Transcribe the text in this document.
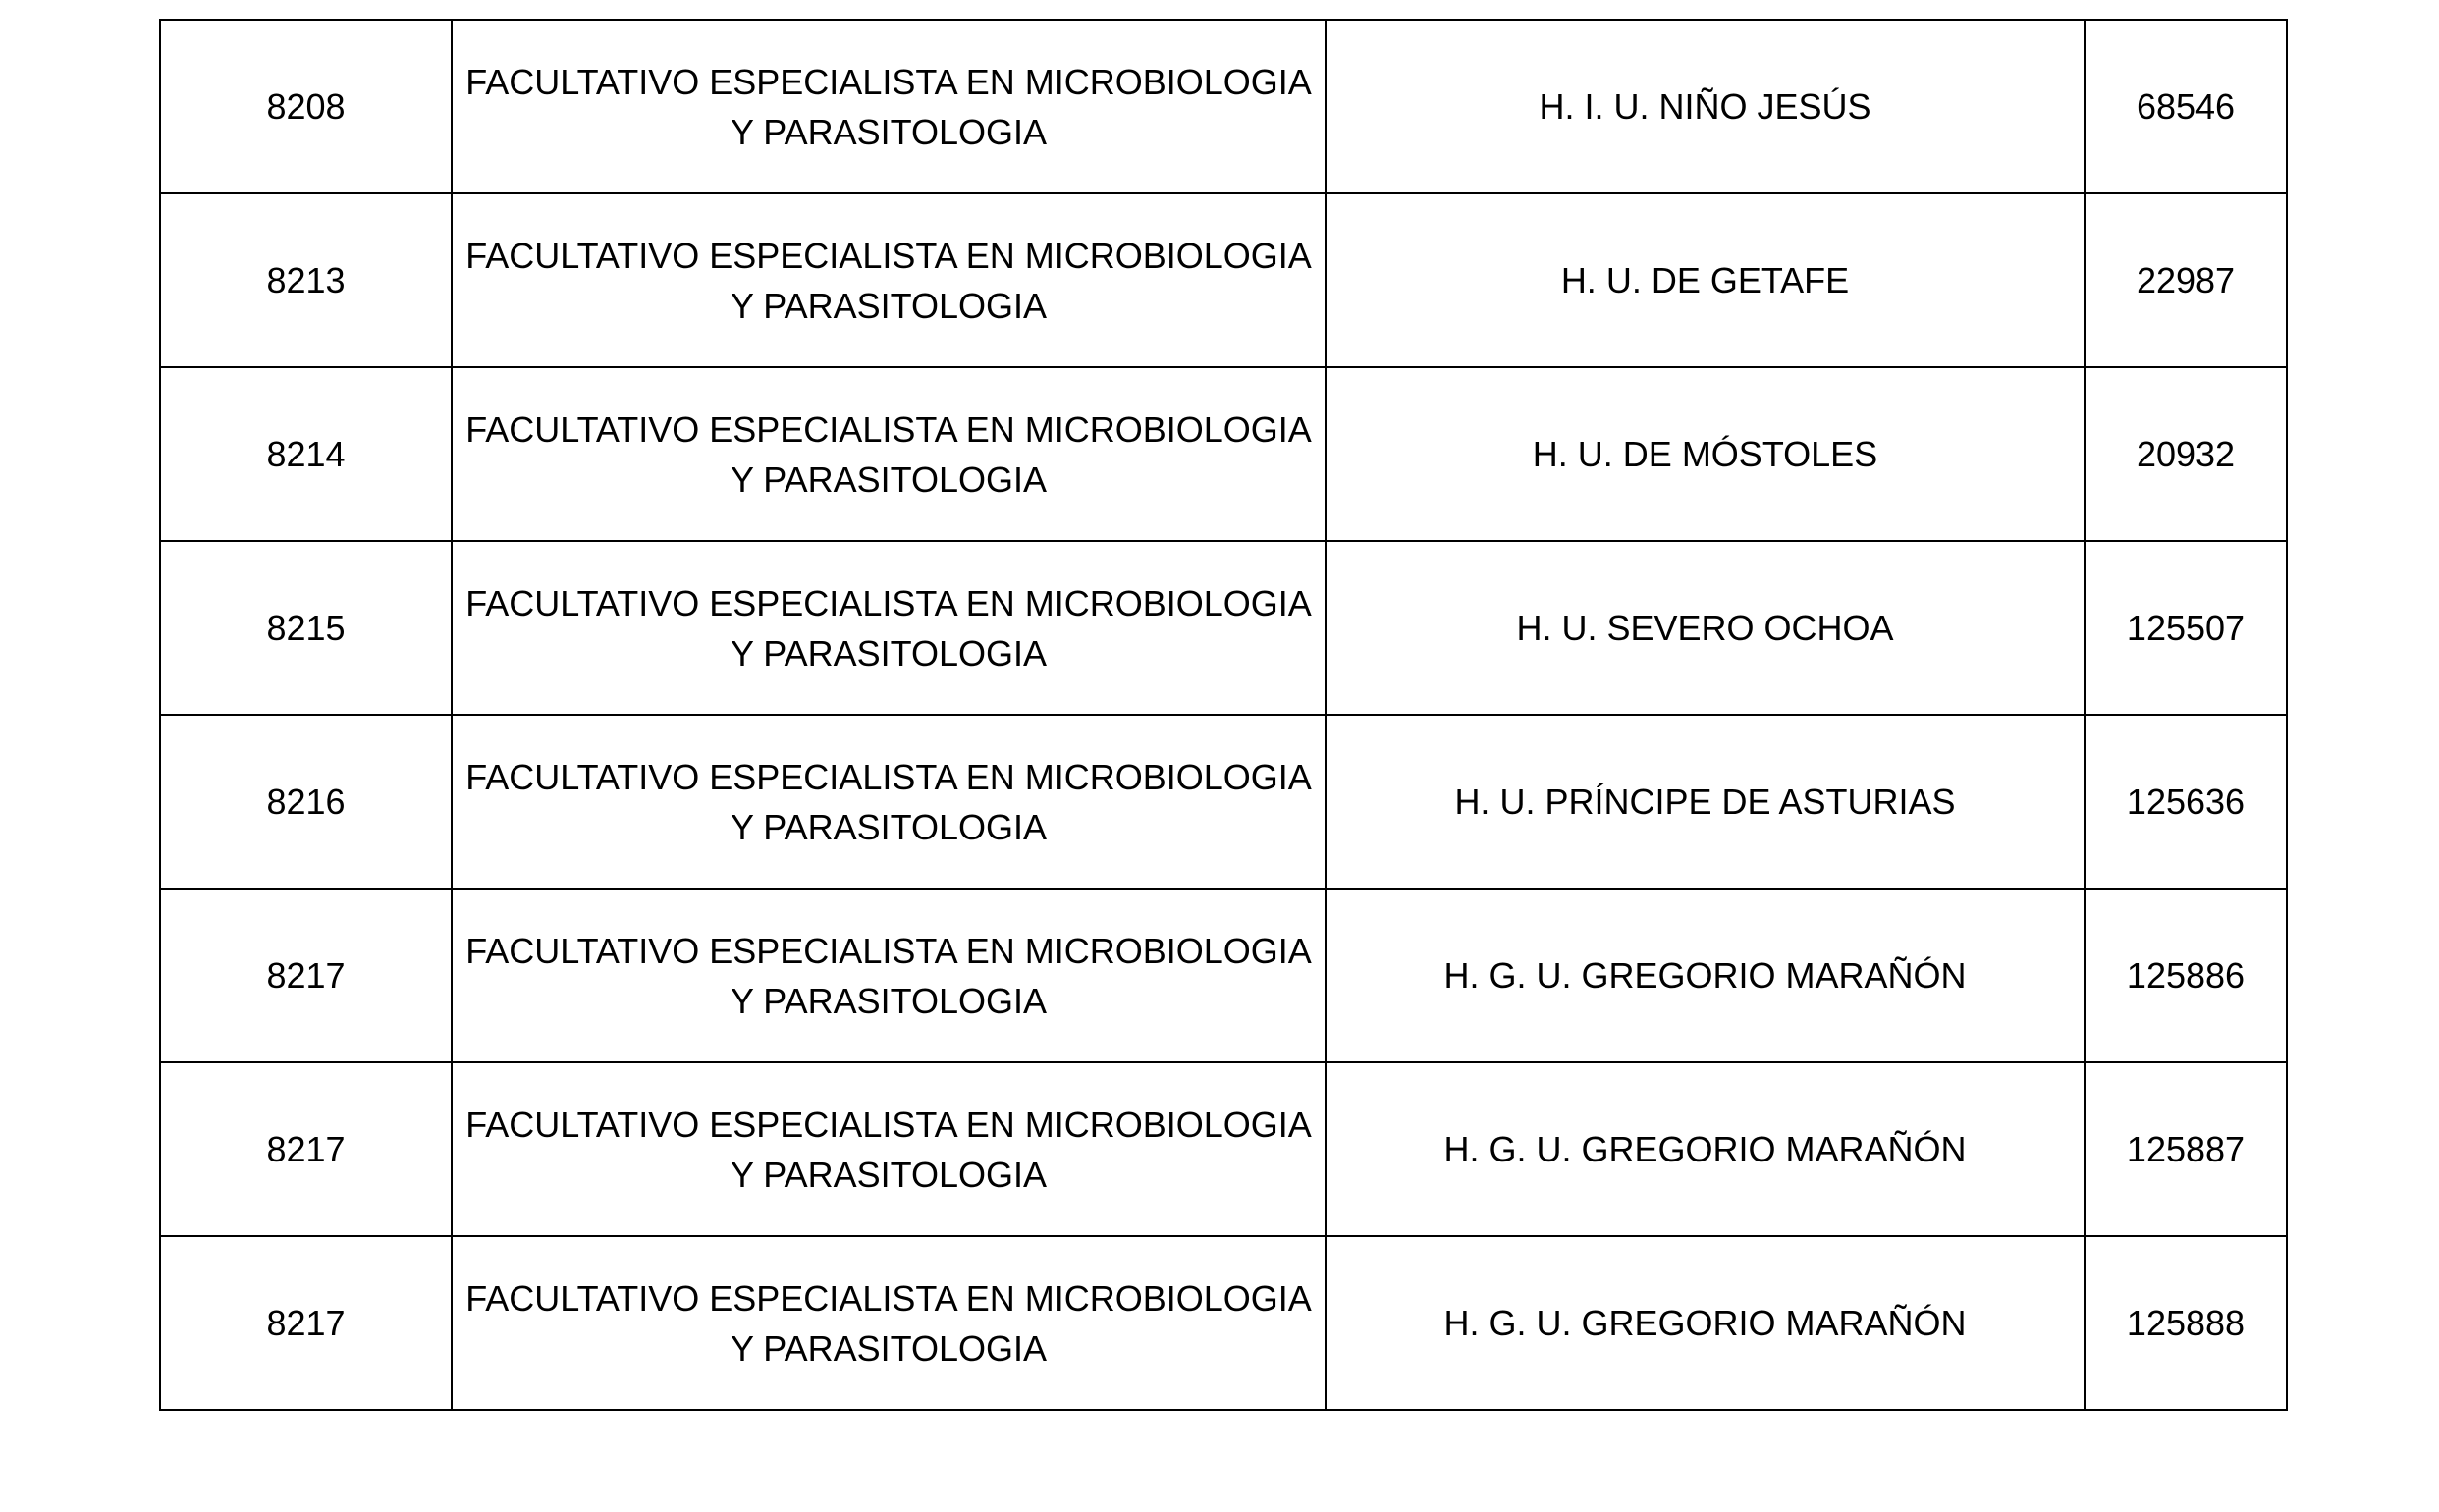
8208	FACULTATIVO ESPECIALISTA EN MICROBIOLOGIA Y PARASITOLOGIA	H. I. U. NIÑO JESÚS	68546
8213	FACULTATIVO ESPECIALISTA EN MICROBIOLOGIA Y PARASITOLOGIA	H. U. DE GETAFE	22987
8214	FACULTATIVO ESPECIALISTA EN MICROBIOLOGIA Y PARASITOLOGIA	H. U. DE MÓSTOLES	20932
8215	FACULTATIVO ESPECIALISTA EN MICROBIOLOGIA Y PARASITOLOGIA	H. U. SEVERO OCHOA	125507
8216	FACULTATIVO ESPECIALISTA EN MICROBIOLOGIA Y PARASITOLOGIA	H. U. PRÍNCIPE DE ASTURIAS	125636
8217	FACULTATIVO ESPECIALISTA EN MICROBIOLOGIA Y PARASITOLOGIA	H. G. U. GREGORIO MARAÑÓN	125886
8217	FACULTATIVO ESPECIALISTA EN MICROBIOLOGIA Y PARASITOLOGIA	H. G. U. GREGORIO MARAÑÓN	125887
8217	FACULTATIVO ESPECIALISTA EN MICROBIOLOGIA Y PARASITOLOGIA	H. G. U. GREGORIO MARAÑÓN	125888
